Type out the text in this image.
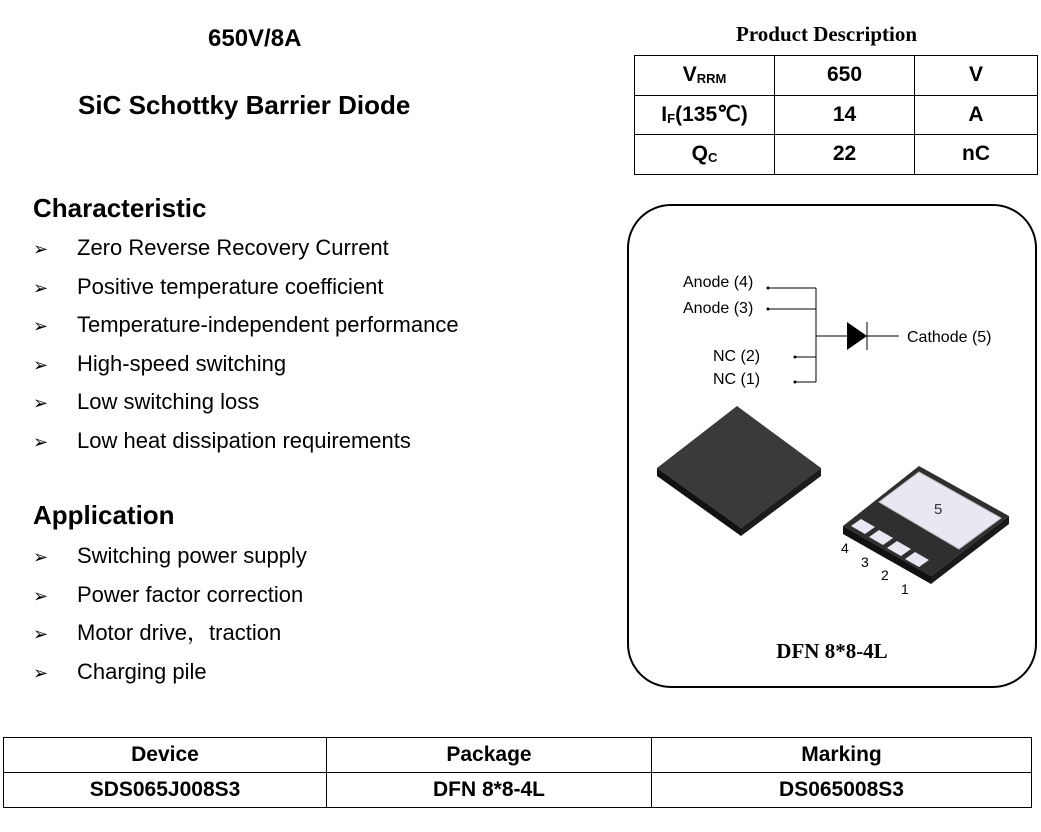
650V/8A
SiC Schottky Barrier Diode
Characteristic
➢ Zero Reverse Recovery Current
➢ Positive temperature coefficient
➢ Temperature-independent performance
➢ High-speed switching
➢ Low switching loss
➢ Low heat dissipation requirements
Application
➢ Switching power supply
➢ Power factor correction
➢ Motor drive，traction
➢ Charging pile
Product Description
$V_{RRM}$	650	V
$I_F(135℃)$	14	A
$Q_C$	22	nC
Anode (4)
Anode (3)
NC (2)
NC (1)
Cathode (5)
5
4
3
2
1
DFN 8*8-4L
Device	Package	Marking
SDS065J008S3	DFN 8*8-4L	DS065008S3
